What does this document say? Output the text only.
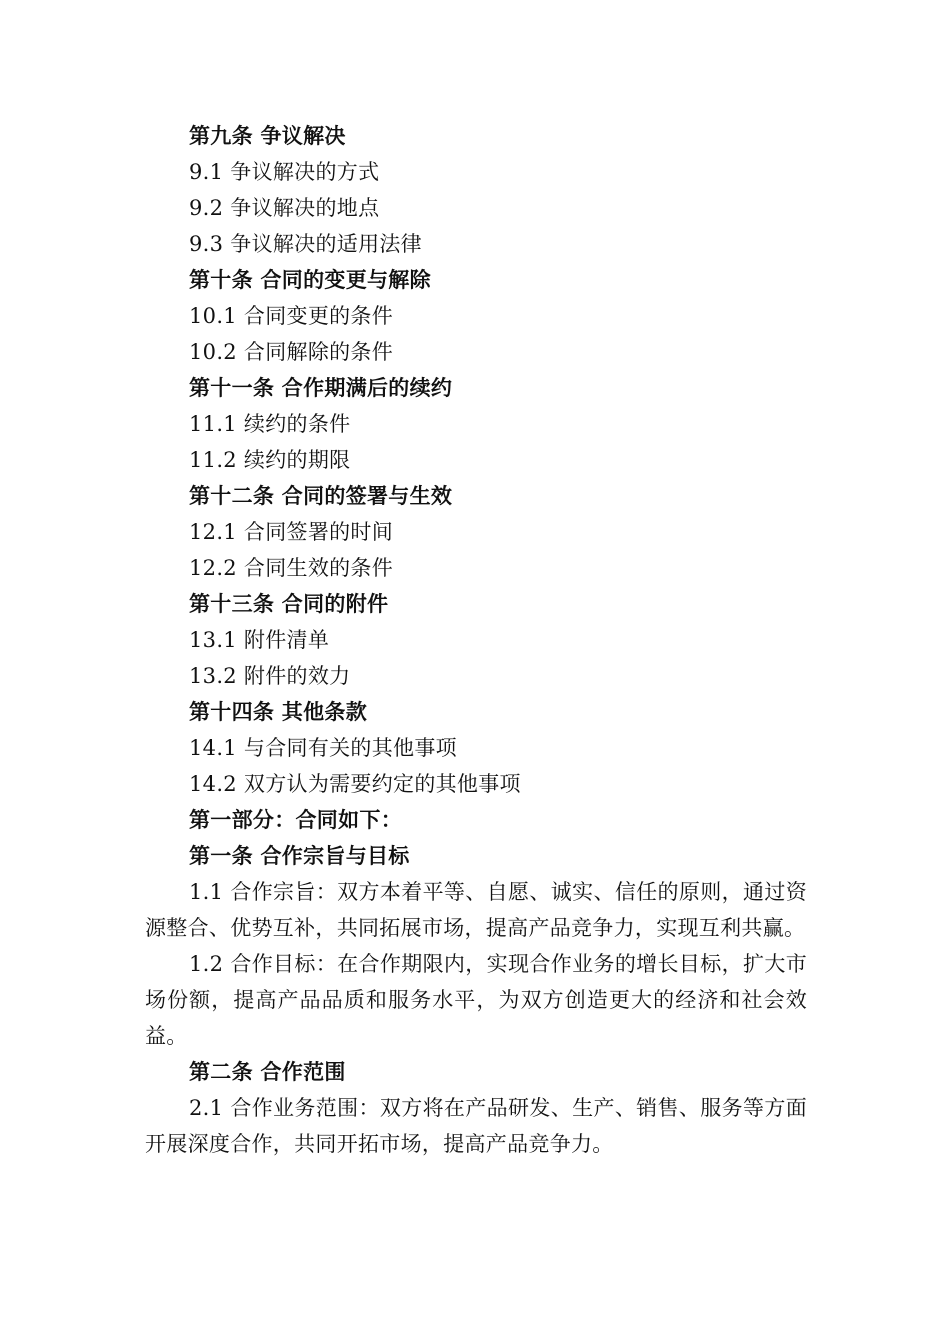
第九条 争议解决
9.1 争议解决的方式
9.2 争议解决的地点
9.3 争议解决的适用法律
第十条 合同的变更与解除
10.1 合同变更的条件
10.2 合同解除的条件
第十一条 合作期满后的续约
11.1 续约的条件
11.2 续约的期限
第十二条 合同的签署与生效
12.1 合同签署的时间
12.2 合同生效的条件
第十三条 合同的附件
13.1 附件清单
13.2 附件的效力
第十四条 其他条款
14.1 与合同有关的其他事项
14.2 双方认为需要约定的其他事项
第一部分：合同如下：
第一条 合作宗旨与目标

1.1 合作宗旨：双方本着平等、自愿、诚实、信任的原则，通过资源整合、优势互补，共同拓展市场，提高产品竞争力，实现互利共赢。

1.2 合作目标：在合作期限内，实现合作业务的增长目标，扩大市场份额，提高产品品质和服务水平，为双方创造更大的经济和社会效益。

第二条 合作范围

2.1 合作业务范围：双方将在产品研发、生产、销售、服务等方面开展深度合作，共同开拓市场，提高产品竞争力。
